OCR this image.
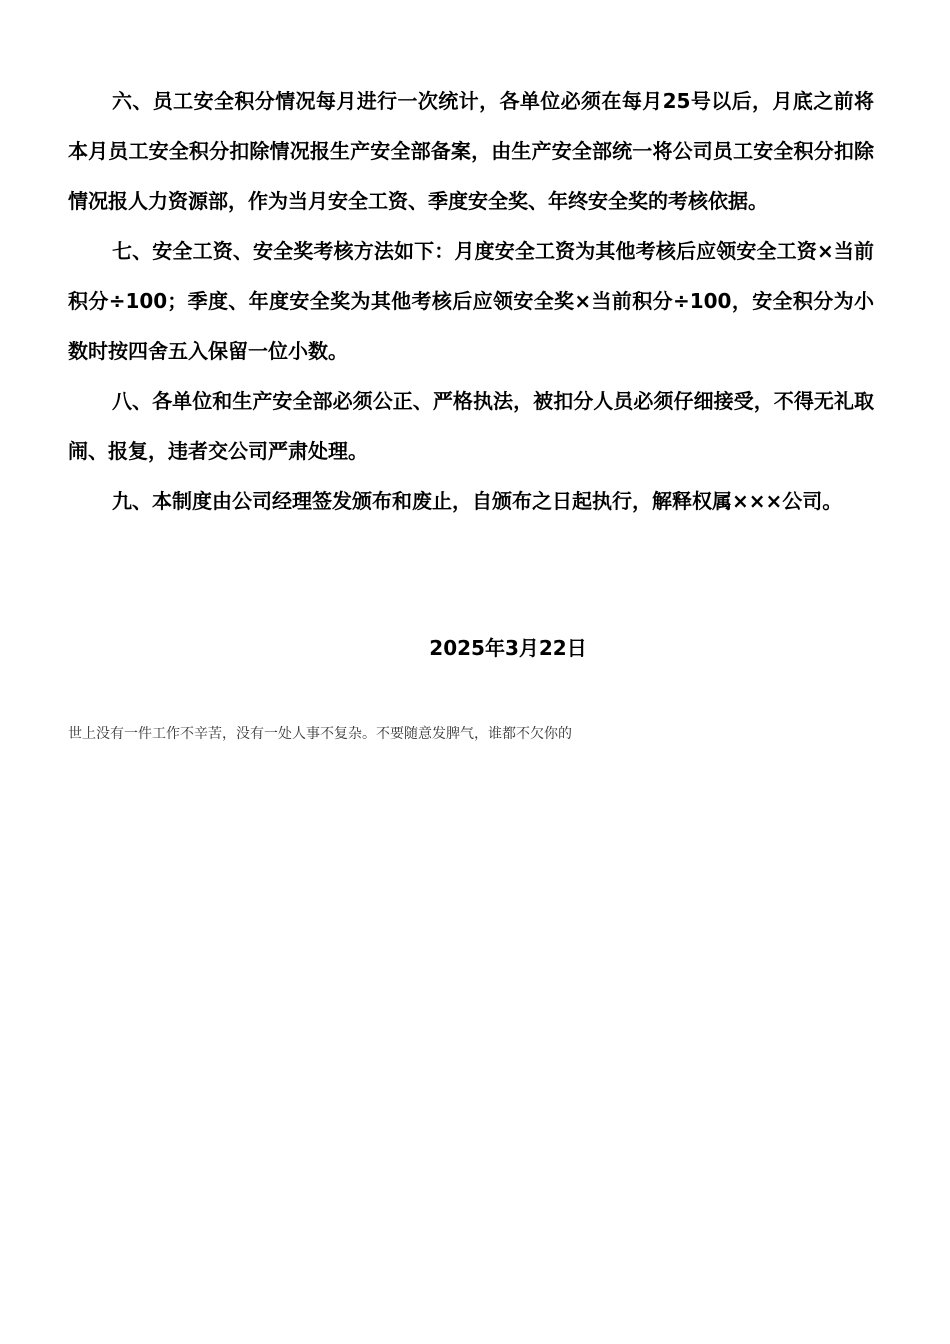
六、员工安全积分情况每月进行一次统计，各单位必须在每月25号以后，月底之前将本月员工安全积分扣除情况报生产安全部备案，由生产安全部统一将公司员工安全积分扣除情况报人力资源部，作为当月安全工资、季度安全奖、年终安全奖的考核依据。

七、安全工资、安全奖考核方法如下：月度安全工资为其他考核后应领安全工资×当前积分÷100；季度、年度安全奖为其他考核后应领安全奖×当前积分÷100，安全积分为小数时按四舍五入保留一位小数。

八、各单位和生产安全部必须公正、严格执法，被扣分人员必须仔细接受，不得无礼取闹、报复，违者交公司严肃处理。

九、本制度由公司经理签发颁布和废止，自颁布之日起执行，解释权属×××公司。

2025年3月22日
世上没有一件工作不辛苦，没有一处人事不复杂。不要随意发脾气，谁都不欠你的
